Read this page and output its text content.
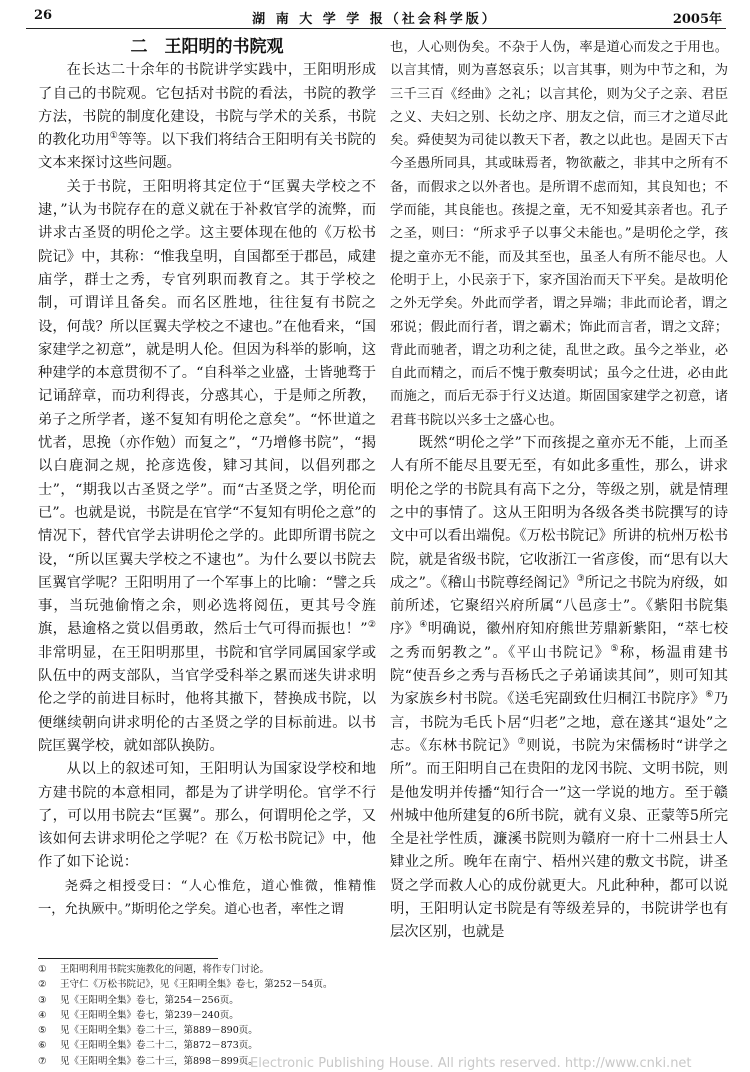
26	湖 南 大 学 学 报（社会科学版）	2005年

二　王阳明的书院观

在长达二十余年的书院讲学实践中，王阳明形成了自己的书院观。它包括对书院的看法，书院的教学方法，书院的制度化建设，书院与学术的关系，书院的教化功用①等等。以下我们将结合王阳明有关书院的文本来探讨这些问题。

关于书院，王阳明将其定位于“匡翼夫学校之不逮，”认为书院存在的意义就在于补救官学的流弊，而讲求古圣贤的明伦之学。这主要体现在他的《万松书院记》中，其称：“惟我皇明，自国都至于郡邑，咸建庙学，群士之秀，专官列职而教育之。其于学校之制，可谓详且备矣。而名区胜地，往往复有书院之设，何哉？所以匡翼夫学校之不逮也。”在他看来，“国家建学之初意”，就是明人伦。但因为科举的影响，这种建学的本意贯彻不了。“自科举之业盛，士皆驰骛于记诵辞章，而功利得丧，分惑其心，于是师之所教，弟子之所学者，遂不复知有明伦之意矣”。“怀世道之忧者，思挽（亦作勉）而复之”，“乃增修书院”，“揭以白鹿洞之规，抡彦选俊，肄习其间，以倡列郡之士”，“期我以古圣贤之学”。而“古圣贤之学，明伦而已”。也就是说，书院是在官学“不复知有明伦之意”的情况下，替代官学去讲明伦之学的。此即所谓书院之设，“所以匡翼夫学校之不逮也”。为什么要以书院去匡翼官学呢？王阳明用了一个军事上的比喻：“譬之兵事，当玩弛偷惰之余，则必选将阅伍，更其号令旌旗，悬逾格之赏以倡勇敢，然后士气可得而振也！”②非常明显，在王阳明那里，书院和官学同属国家学或队伍中的两支部队，当官学受科举之累而迷失讲求明伦之学的前进目标时，他将其撤下，替换成书院，以便继续朝向讲求明伦的古圣贤之学的目标前进。以书院匡翼学校，就如部队换防。

从以上的叙述可知，王阳明认为国家设学校和地方建书院的本意相同，都是为了讲学明伦。官学不行了，可以用书院去“匡翼”。那么，何谓明伦之学，又该如何去讲求明伦之学呢？在《万松书院记》中，他作了如下论说：

尧舜之相授受曰：“人心惟危，道心惟微，惟精惟一，允执厥中。”斯明伦之学矣。道心也者，率性之谓

也，人心则伪矣。不杂于人伪，率是道心而发之于用也。以言其情，则为喜怒哀乐；以言其事，则为中节之和，为三千三百《经曲》之礼；以言其伦，则为父子之亲、君臣之义、夫妇之别、长幼之序、朋友之信，而三才之道尽此矣。舜使契为司徒以教天下者，教之以此也。是固天下古今圣愚所同具，其或昧焉者，物欲蔽之，非其中之所有不备，而假求之以外者也。是所谓不虑而知，其良知也；不学而能，其良能也。孩提之童，无不知爱其亲者也。孔子之圣，则曰：“所求乎子以事父未能也。”是明伦之学，孩提之童亦无不能，而及其至也，虽圣人有所不能尽也。人伦明于上，小民亲于下，家齐国治而天下平矣。是故明伦之外无学矣。外此而学者，谓之异端；非此而论者，谓之邪说；假此而行者，谓之霸术；饰此而言者，谓之文辞；背此而驰者，谓之功利之徒，乱世之政。虽今之举业，必自此而精之，而后不愧于敷奏明试；虽今之仕进，必由此而施之，而后无忝于行义达道。斯固国家建学之初意，诸君葺书院以兴多士之盛心也。

既然“明伦之学”下而孩提之童亦无不能，上而圣人有所不能尽且要无至，有如此多重性，那么，讲求明伦之学的书院具有高下之分，等级之别，就是情理之中的事情了。这从王阳明为各级各类书院撰写的诗文中可以看出端倪。《万松书院记》所讲的杭州万松书院，就是省级书院，它收浙江一省彦俊，而“思有以大成之”。《稽山书院尊经阁记》③所记之书院为府级，如前所述，它聚绍兴府所属“八邑彦士”。《紫阳书院集序》④明确说，徽州府知府熊世芳鼎新紫阳，“萃七校之秀而躬教之”。《平山书院记》⑤称，杨温甫建书院“使吾乡之秀与吾杨氏之子弟诵读其间”，则可知其为家族乡村书院。《送毛宪副致仕归桐江书院序》⑥乃言，书院为毛氏卜居“归老”之地，意在遂其“退处”之志。《东林书院记》⑦则说，书院为宋儒杨时“讲学之所”。而王阳明自己在贵阳的龙冈书院、文明书院，则是他发明并传播“知行合一”这一学说的地方。至于赣州城中他所建复的6所书院，就有义泉、正蒙等5所完全是社学性质，濂溪书院则为赣府一府十二州县士人肄业之所。晚年在南宁、梧州兴建的敷文书院，讲圣贤之学而救人心的成份就更大。凡此种种，都可以说明，王阳明认定书院是有等级差异的，书院讲学也有层次区别，也就是

① 王阳明利用书院实施教化的问题，将作专门讨论。
② 王守仁《万松书院记》，见《王阳明全集》卷七，第252－54页。
③ 见《王阳明全集》卷七，第254－256页。
④ 见《王阳明全集》卷七，第239－240页。
⑤ 见《王阳明全集》卷二十三，第889－890页。
⑥ 见《王阳明全集》卷二十二，第872－873页。
⑦ 见《王阳明全集》卷二十三，第898－899页。
Electronic Publishing House. All rights reserved. http://www.cnki.net
